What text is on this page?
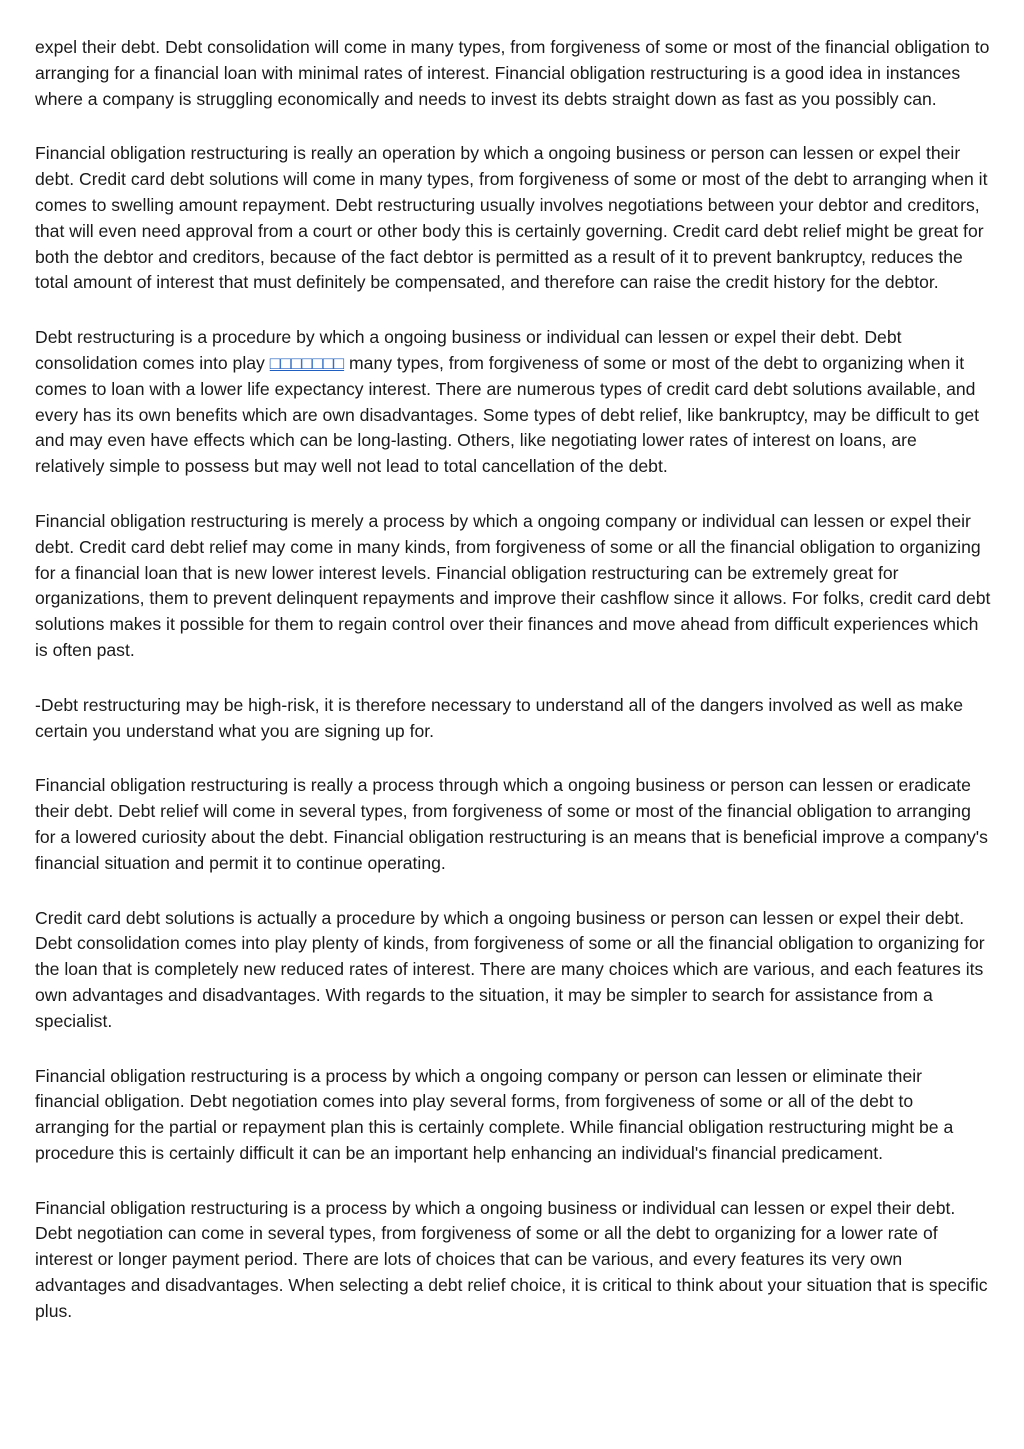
expel their debt. Debt consolidation will come in many types, from forgiveness of some or most of the financial obligation to arranging for a financial loan with minimal rates of interest. Financial obligation restructuring is a good idea in instances where a company is struggling economically and needs to invest its debts straight down as fast as you possibly can.

Financial obligation restructuring is really an operation by which a ongoing business or person can lessen or expel their debt. Credit card debt solutions will come in many types, from forgiveness of some or most of the debt to arranging when it comes to swelling amount repayment. Debt restructuring usually involves negotiations between your debtor and creditors, that will even need approval from a court or other body this is certainly governing. Credit card debt relief might be great for both the debtor and creditors, because of the fact debtor is permitted as a result of it to prevent bankruptcy, reduces the total amount of interest that must definitely be compensated, and therefore can raise the credit history for the debtor.

Debt restructuring is a procedure by which a ongoing business or individual can lessen or expel their debt. Debt consolidation comes into play □□□□□□□ many types, from forgiveness of some or most of the debt to organizing when it comes to loan with a lower life expectancy interest. There are numerous types of credit card debt solutions available, and every has its own benefits which are own disadvantages. Some types of debt relief, like bankruptcy, may be difficult to get and may even have effects which can be long-lasting. Others, like negotiating lower rates of interest on loans, are relatively simple to possess but may well not lead to total cancellation of the debt.

Financial obligation restructuring is merely a process by which a ongoing company or individual can lessen or expel their debt. Credit card debt relief may come in many kinds, from forgiveness of some or all the financial obligation to organizing for a financial loan that is new lower interest levels. Financial obligation restructuring can be extremely great for organizations, them to prevent delinquent repayments and improve their cashflow since it allows. For folks, credit card debt solutions makes it possible for them to regain control over their finances and move ahead from difficult experiences which is often past.

-Debt restructuring may be high-risk, it is therefore necessary to understand all of the dangers involved as well as make certain you understand what you are signing up for.

Financial obligation restructuring is really a process through which a ongoing business or person can lessen or eradicate their debt. Debt relief will come in several types, from forgiveness of some or most of the financial obligation to arranging for a lowered curiosity about the debt. Financial obligation restructuring is an means that is beneficial improve a company's financial situation and permit it to continue operating.

Credit card debt solutions is actually a procedure by which a ongoing business or person can lessen or expel their debt. Debt consolidation comes into play plenty of kinds, from forgiveness of some or all the financial obligation to organizing for the loan that is completely new reduced rates of interest. There are many choices which are various, and each features its own advantages and disadvantages. With regards to the situation, it may be simpler to search for assistance from a specialist.

Financial obligation restructuring is a process by which a ongoing company or person can lessen or eliminate their financial obligation. Debt negotiation comes into play several forms, from forgiveness of some or all of the debt to arranging for the partial or repayment plan this is certainly complete. While financial obligation restructuring might be a procedure this is certainly difficult it can be an important help enhancing an individual's financial predicament.

Financial obligation restructuring is a process by which a ongoing business or individual can lessen or expel their debt. Debt negotiation can come in several types, from forgiveness of some or all the debt to organizing for a lower rate of interest or longer payment period. There are lots of choices that can be various, and every features its very own advantages and disadvantages. When selecting a debt relief choice, it is critical to think about your situation that is specific plus.
